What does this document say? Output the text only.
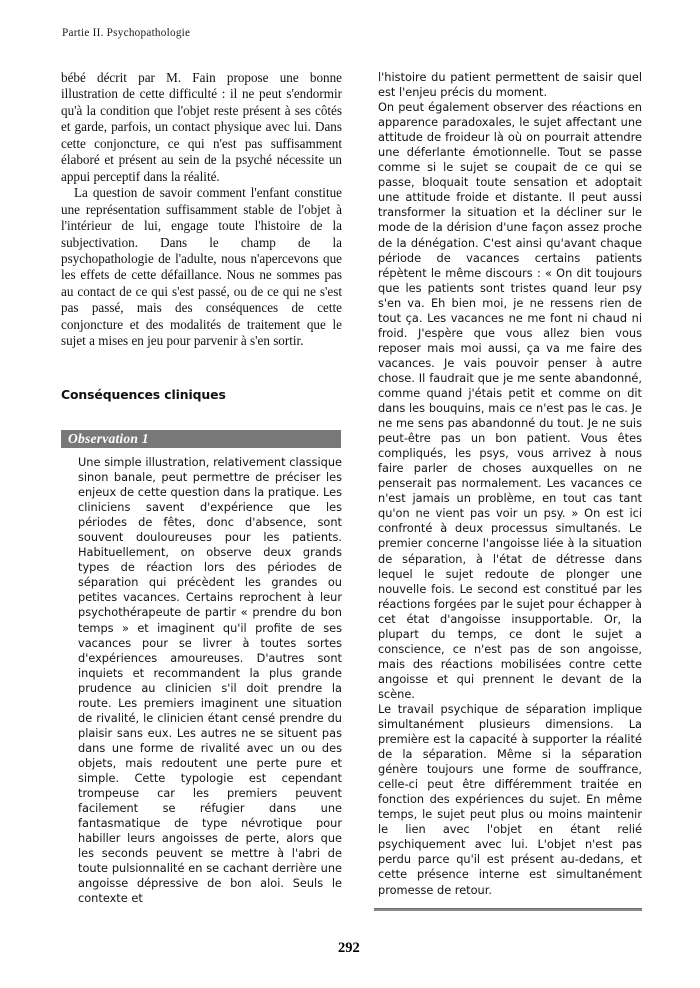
Partie II. Psychopathologie

bébé décrit par M. Fain propose une bonne illustration de cette difficulté : il ne peut s'endormir qu'à la condition que l'objet reste présent à ses côtés et garde, parfois, un contact physique avec lui. Dans cette conjoncture, ce qui n'est pas suffisamment élaboré et présent au sein de la psyché nécessite un appui perceptif dans la réalité.

La question de savoir comment l'enfant constitue une représentation suffisamment stable de l'objet à l'intérieur de lui, engage toute l'histoire de la subjectivation. Dans le champ de la psychopathologie de l'adulte, nous n'apercevons que les effets de cette défaillance. Nous ne sommes pas au contact de ce qui s'est passé, ou de ce qui ne s'est pas passé, mais des conséquences de cette conjoncture et des modalités de traitement que le sujet a mises en jeu pour parvenir à s'en sortir.

Conséquences cliniques
Observation 1

Une simple illustration, relativement classique sinon banale, peut permettre de préciser les enjeux de cette question dans la pratique. Les cliniciens savent d'expérience que les périodes de fêtes, donc d'absence, sont souvent douloureuses pour les patients. Habituellement, on observe deux grands types de réaction lors des périodes de séparation qui précèdent les grandes ou petites vacances. Certains reprochent à leur psychothérapeute de partir « prendre du bon temps » et imaginent qu'il profite de ses vacances pour se livrer à toutes sortes d'expériences amoureuses. D'autres sont inquiets et recommandent la plus grande prudence au clinicien s'il doit prendre la route. Les premiers imaginent une situation de rivalité, le clinicien étant censé prendre du plaisir sans eux. Les autres ne se situent pas dans une forme de rivalité avec un ou des objets, mais redoutent une perte pure et simple. Cette typologie est cependant trompeuse car les premiers peuvent facilement se réfugier dans une fantasmatique de type névrotique pour habiller leurs angoisses de perte, alors que les seconds peuvent se mettre à l'abri de toute pulsionnalité en se cachant derrière une angoisse dépressive de bon aloi. Seuls le contexte et

l'histoire du patient permettent de saisir quel est l'enjeu précis du moment.

On peut également observer des réactions en apparence paradoxales, le sujet affectant une attitude de froideur là où on pourrait attendre une déferlante émotionnelle. Tout se passe comme si le sujet se coupait de ce qui se passe, bloquait toute sensation et adoptait une attitude froide et distante. Il peut aussi transformer la situation et la décliner sur le mode de la dérision d'une façon assez proche de la dénégation. C'est ainsi qu'avant chaque période de vacances certains patients répètent le même discours : « On dit toujours que les patients sont tristes quand leur psy s'en va. Eh bien moi, je ne ressens rien de tout ça. Les vacances ne me font ni chaud ni froid. J'espère que vous allez bien vous reposer mais moi aussi, ça va me faire des vacances. Je vais pouvoir penser à autre chose. Il faudrait que je me sente abandonné, comme quand j'étais petit et comme on dit dans les bouquins, mais ce n'est pas le cas. Je ne me sens pas abandonné du tout. Je ne suis peut-être pas un bon patient. Vous êtes compliqués, les psys, vous arrivez à nous faire parler de choses auxquelles on ne penserait pas normalement. Les vacances ce n'est jamais un problème, en tout cas tant qu'on ne vient pas voir un psy. » On est ici confronté à deux processus simultanés. Le premier concerne l'angoisse liée à la situation de séparation, à l'état de détresse dans lequel le sujet redoute de plonger une nouvelle fois. Le second est constitué par les réactions forgées par le sujet pour échapper à cet état d'angoisse insupportable. Or, la plupart du temps, ce dont le sujet a conscience, ce n'est pas de son angoisse, mais des réactions mobilisées contre cette angoisse et qui prennent le devant de la scène.

Le travail psychique de séparation implique simultanément plusieurs dimensions. La première est la capacité à supporter la réalité de la séparation. Même si la séparation génère toujours une forme de souffrance, celle-ci peut être différemment traitée en fonction des expériences du sujet. En même temps, le sujet peut plus ou moins maintenir le lien avec l'objet en étant relié psychiquement avec lui. L'objet n'est pas perdu parce qu'il est présent au-dedans, et cette présence interne est simultanément promesse de retour.

292
